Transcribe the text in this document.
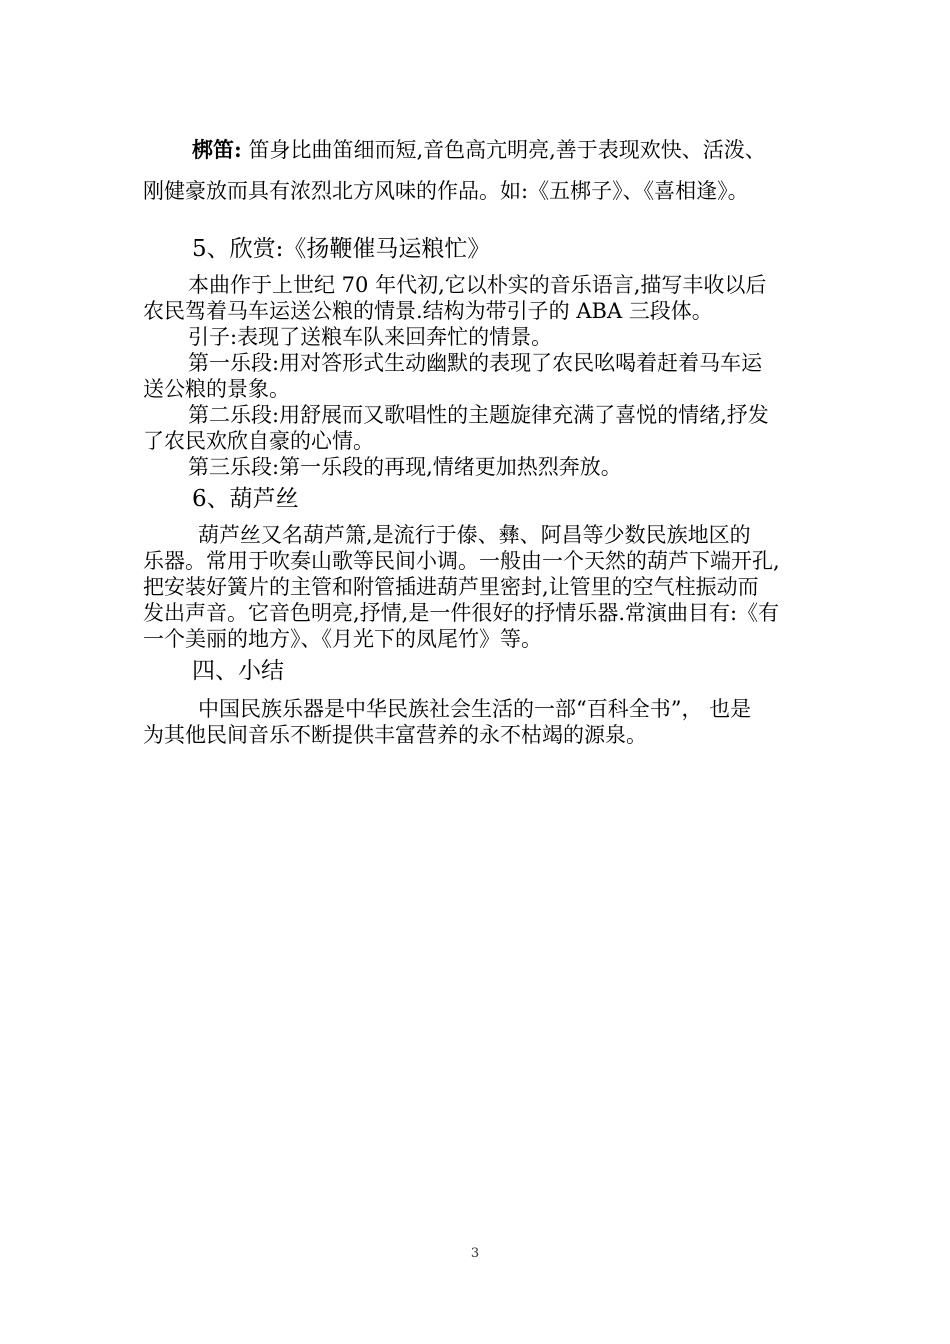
梆笛: 笛身比曲笛细而短,音色高亢明亮,善于表现欢快、活泼、
刚健豪放而具有浓烈北方风味的作品。如:《五梆子》、《喜相逢》。
5、欣赏:《扬鞭催马运粮忙》
本曲作于上世纪 70 年代初,它以朴实的音乐语言,描写丰收以后
农民驾着马车运送公粮的情景.结构为带引子的 ABA 三段体。
引子:表现了送粮车队来回奔忙的情景。
第一乐段:用对答形式生动幽默的表现了农民吆喝着赶着马车运
送公粮的景象。
第二乐段:用舒展而又歌唱性的主题旋律充满了喜悦的情绪,抒发
了农民欢欣自豪的心情。
第三乐段:第一乐段的再现,情绪更加热烈奔放。
6、葫芦丝
葫芦丝又名葫芦箫,是流行于傣、彝、阿昌等少数民族地区的
乐器。常用于吹奏山歌等民间小调。一般由一个天然的葫芦下端开孔,
把安装好簧片的主管和附管插进葫芦里密封,让管里的空气柱振动而
发出声音。它音色明亮,抒情,是一件很好的抒情乐器.常演曲目有:《有
一个美丽的地方》、《月光下的凤尾竹》等。
四、小结
中国民族乐器是中华民族社会生活的一部“百科全书”， 也是
为其他民间音乐不断提供丰富营养的永不枯竭的源泉。
3
